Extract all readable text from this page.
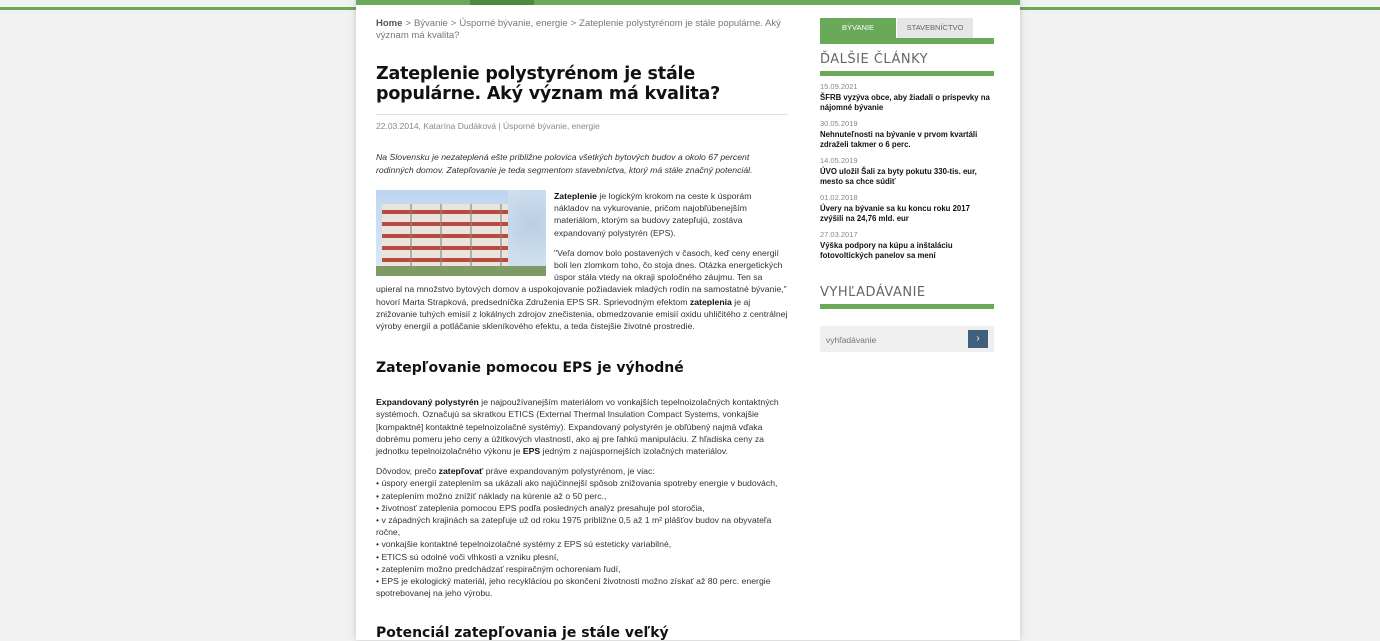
Home > Bývanie > Úsporné bývanie, energie > Zateplenie polystyrénom je stále populárne. Aký význam má kvalita?
Zateplenie polystyrénom je stále populárne. Aký význam má kvalita?
22.03.2014, Katarína Dudáková | Úsporné bývanie, energie

Na Slovensku je nezateplená ešte približne polovica všetkých bytových budov a okolo 67 percent rodinných domov. Zatepľovanie je teda segmentom stavebníctva, ktorý má stále značný potenciál.

Zateplenie je logickým krokom na ceste k úsporám nákladov na vykurovanie, pričom najobľúbenejším materiálom, ktorým sa budovy zatepľujú, zostáva expandovaný polystyrén (EPS).

"Veľa domov bolo postavených v časoch, keď ceny energií boli len zlomkom toho, čo stoja dnes. Otázka energetických úspor stála vtedy na okraji spoločného záujmu. Ten sa upieral na množstvo bytových domov a uspokojovanie požiadaviek mladých rodín na samostatné bývanie," hovorí Marta Strapková, predsedníčka Združenia EPS SR. Sprievodným efektom zateplenia je aj znižovanie tuhých emisií z lokálnych zdrojov znečistenia, obmedzovanie emisií oxidu uhličitého z centrálnej výroby energií a potláčanie skleníkového efektu, a teda čistejšie životné prostredie.

Zatepľovanie pomocou EPS je výhodné

Expandovaný polystyrén je najpoužívanejším materiálom vo vonkajších tepelnoizolačných kontaktných systémoch. Označujú sa skratkou ETICS (External Thermal Insulation Compact Systems, vonkajšie [kompaktné] kontaktné tepelnoizolačné systémy). Expandovaný polystyrén je obľúbený najmä vďaka dobrému pomeru jeho ceny a úžitkových vlastností, ako aj pre ľahkú manipuláciu. Z hľadiska ceny za jednotku tepelnoizolačného výkonu je EPS jedným z najúspornejších izolačných materiálov.

Dôvodov, prečo zatepľovať práve expandovaným polystyrénom, je viac:

• úspory energií zateplením sa ukázali ako najúčinnejší spôsob znižovania spotreby energie v budovách,
• zateplením možno znížiť náklady na kúrenie až o 50 perc.,
• životnosť zateplenia pomocou EPS podľa posledných analýz presahuje pol storočia,
• v západných krajinách sa zatepľuje už od roku 1975 približne 0,5 až 1 m² plášťov budov na obyvateľa ročne,
• vonkajšie kontaktné tepelnoizolačné systémy z EPS sú esteticky variabilné,
• ETICS sú odolné voči vlhkosti a vzniku plesní,
• zateplením možno predchádzať respiračným ochoreniam ľudí,
• EPS je ekologický materiál, jeho recykláciou po skončení životnosti možno získať až 80 perc. energie spotrebovanej na jeho výrobu.
Potenciál zatepľovania je stále veľký
BÝVANIE	STAVEBNÍCTVO
ĎALŠIE ČLÁNKY
15.09.2021
ŠFRB vyzýva obce, aby žiadali o príspevky na nájomné bývanie
30.05.2019
Nehnuteľnosti na bývanie v prvom kvartáli zdraželi takmer o 6 perc.
14.05.2019
ÚVO uložil Šali za byty pokutu 330-tis. eur, mesto sa chce súdiť
01.02.2018
Úvery na bývanie sa ku koncu roku 2017 zvýšili na 24,76 mld. eur
27.03.2017
Výška podpory na kúpu a inštaláciu fotovoltických panelov sa mení
VYHĽADÁVANIE
vyhľadávanie
›
